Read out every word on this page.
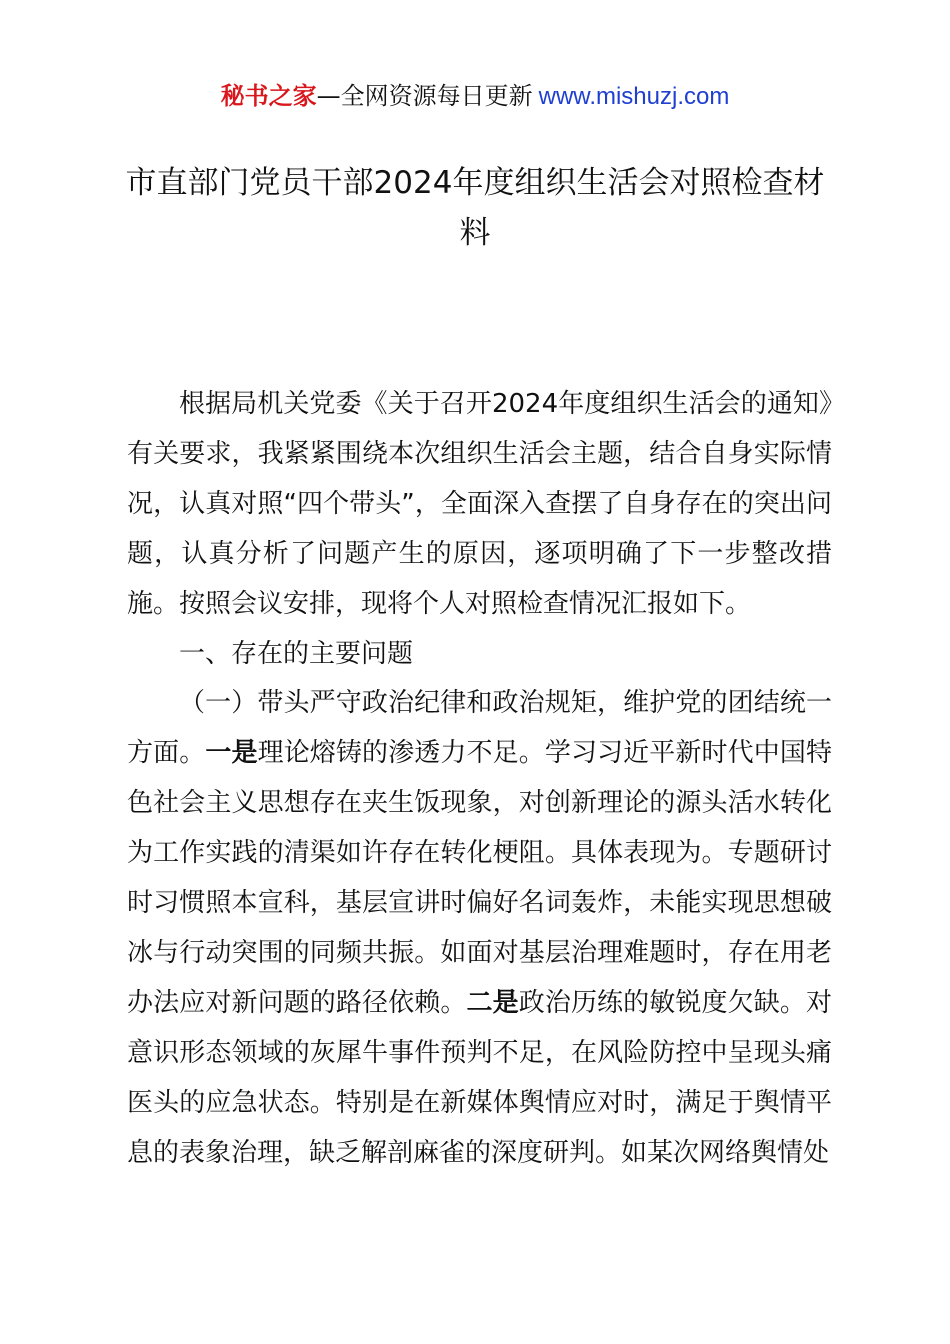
秘书之家—全网资源每日更新 www.mishuzj.com
市直部门党员干部2024年度组织生活会对照检查材料

根据局机关党委《关于召开2024年度组织生活会的通知》有关要求，我紧紧围绕本次组织生活会主题，结合自身实际情况，认真对照“四个带头”，全面深入查摆了自身存在的突出问题，认真分析了问题产生的原因，逐项明确了下一步整改措施。按照会议安排，现将个人对照检查情况汇报如下。

一、存在的主要问题

（一）带头严守政治纪律和政治规矩，维护党的团结统一方面。一是理论熔铸的渗透力不足。学习习近平新时代中国特色社会主义思想存在夹生饭现象，对创新理论的源头活水转化为工作实践的清渠如许存在转化梗阻。具体表现为。专题研讨时习惯照本宣科，基层宣讲时偏好名词轰炸，未能实现思想破冰与行动突围的同频共振。如面对基层治理难题时，存在用老办法应对新问题的路径依赖。二是政治历练的敏锐度欠缺。对意识形态领域的灰犀牛事件预判不足，在风险防控中呈现头痛医头的应急状态。特别是在新媒体舆情应对时，满足于舆情平息的表象治理，缺乏解剖麻雀的深度研判。如某次网络舆情处
